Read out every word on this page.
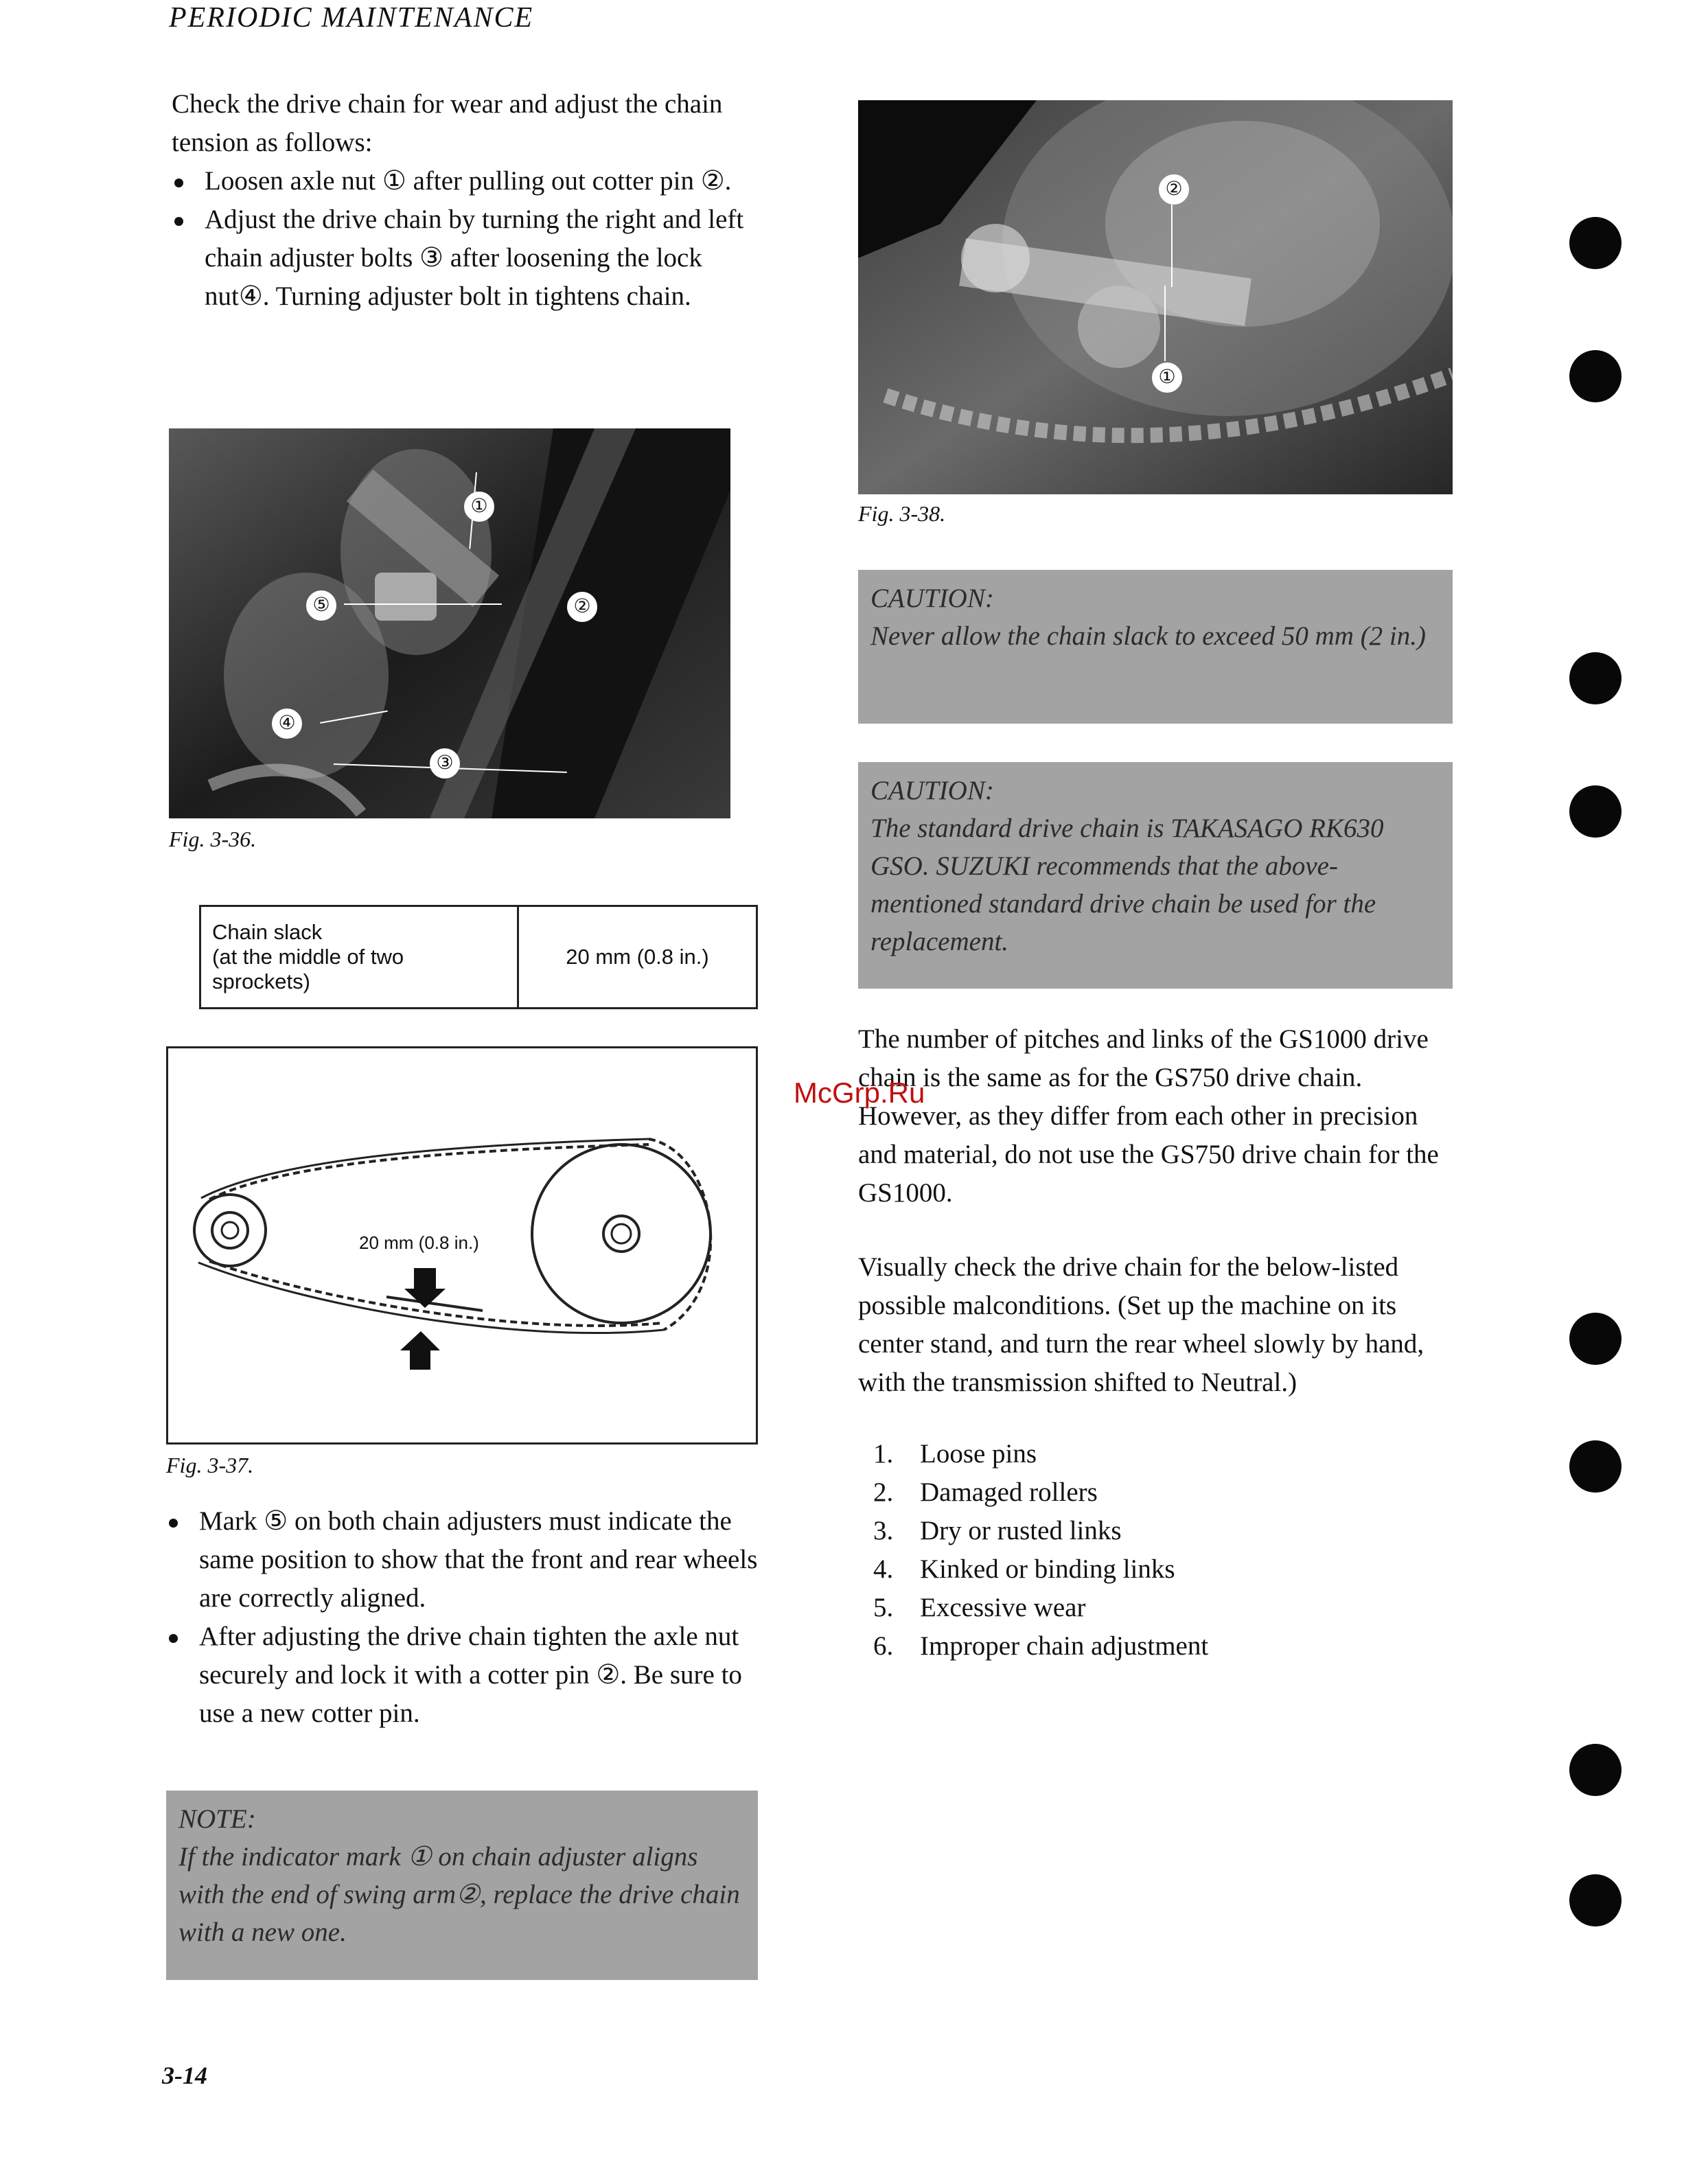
PERIODIC MAINTENANCE
Check the drive chain for wear and adjust the chain tension as follows:
Loosen axle nut ① after pulling out cotter pin ②.
Adjust the drive chain by turning the right and left chain adjuster bolts ③ after loosening the lock nut④. Turning adjuster bolt in tightens chain.
①
②
③
④
⑤
Fig. 3-36.
Chain slack
(at the middle of two
sprockets)
	20 mm (0.8 in.)
20 mm (0.8 in.)
Fig. 3-37.
Mark ⑤ on both chain adjusters must indicate the same position to show that the front and rear wheels are correctly aligned.
After adjusting the drive chain tighten the axle nut securely and lock it with a cotter pin ②. Be sure to use a new cotter pin.
NOTE:
If the indicator mark ① on chain adjuster aligns with the end of swing arm②, replace the drive chain with a new one.
②
①
Fig. 3-38.
CAUTION:
Never allow the chain slack to exceed 50 mm (2 in.)
CAUTION:
The standard drive chain is TAKASAGO RK630 GSO. SUZUKI recommends that the above-mentioned standard drive chain be used for the replacement.
The number of pitches and links of the GS1000 drive chain is the same as for the GS750 drive chain. However, as they differ from each other in precision and material, do not use the GS750 drive chain for the GS1000.
Visually check the drive chain for the below-listed possible malconditions. (Set up the machine on its center stand, and turn the rear wheel slowly by hand, with the transmission shifted to Neutral.)
1. Loose pins
2. Damaged rollers
3. Dry or rusted links
4. Kinked or binding links
5. Excessive wear
6. Improper chain adjustment
McGrp.Ru
3-14
